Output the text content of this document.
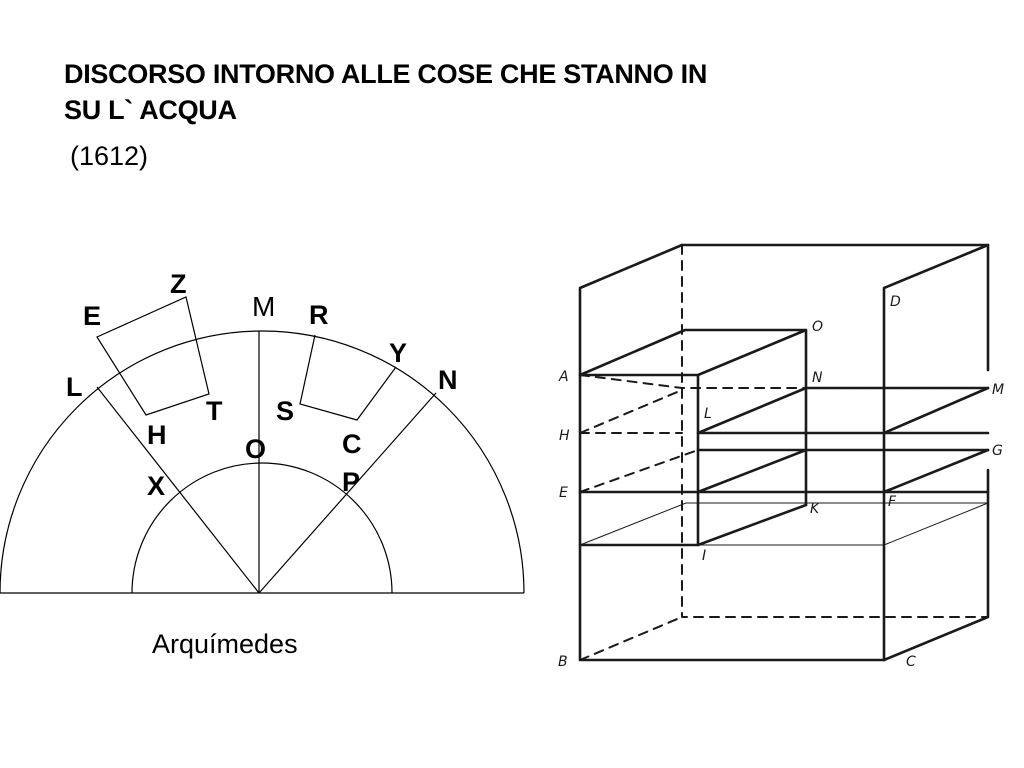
DISCORSO INTORNO ALLE COSE CHE STANNO IN
SU L` ACQUA
(1612)
Z
E	M R
Y
L	N
T S
H	C
O
X	P
Arquímedes
D
O
A	N
M
H
L
G
E
K	F
I
B	C
